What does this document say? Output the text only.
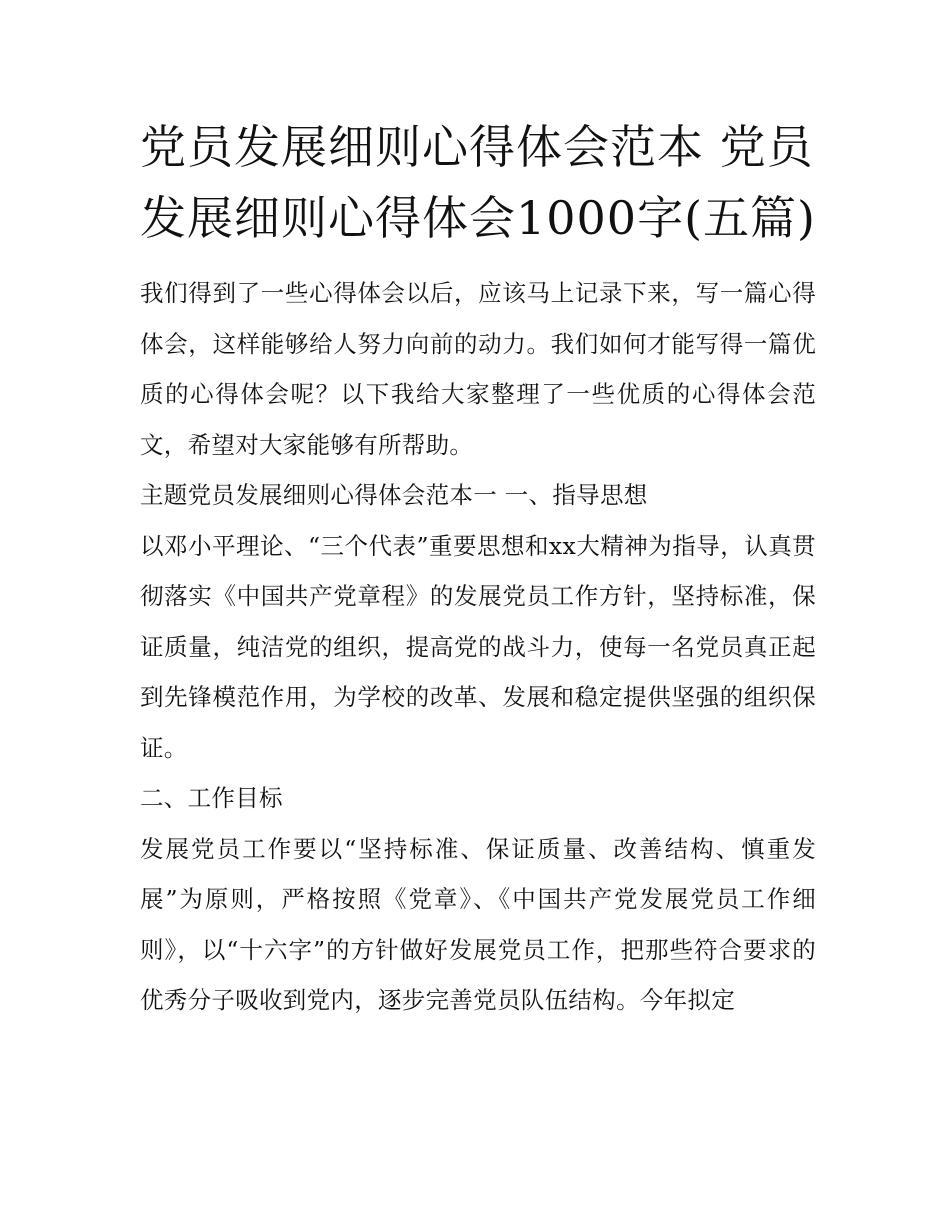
党员发展细则心得体会范本 党员发展细则心得体会1000字(五篇)

我们得到了一些心得体会以后，应该马上记录下来，写一篇心得体会，这样能够给人努力向前的动力。我们如何才能写得一篇优质的心得体会呢？以下我给大家整理了一些优质的心得体会范文，希望对大家能够有所帮助。

主题党员发展细则心得体会范本一 一、指导思想

以邓小平理论、“三个代表”重要思想和xx大精神为指导，认真贯彻落实《中国共产党章程》的发展党员工作方针，坚持标准，保证质量，纯洁党的组织，提高党的战斗力，使每一名党员真正起到先锋模范作用，为学校的改革、发展和稳定提供坚强的组织保证。

二、工作目标

发展党员工作要以“坚持标准、保证质量、改善结构、慎重发展”为原则，严格按照《党章》、《中国共产党发展党员工作细则》，以“十六字”的方针做好发展党员工作，把那些符合要求的优秀分子吸收到党内，逐步完善党员队伍结构。今年拟定
